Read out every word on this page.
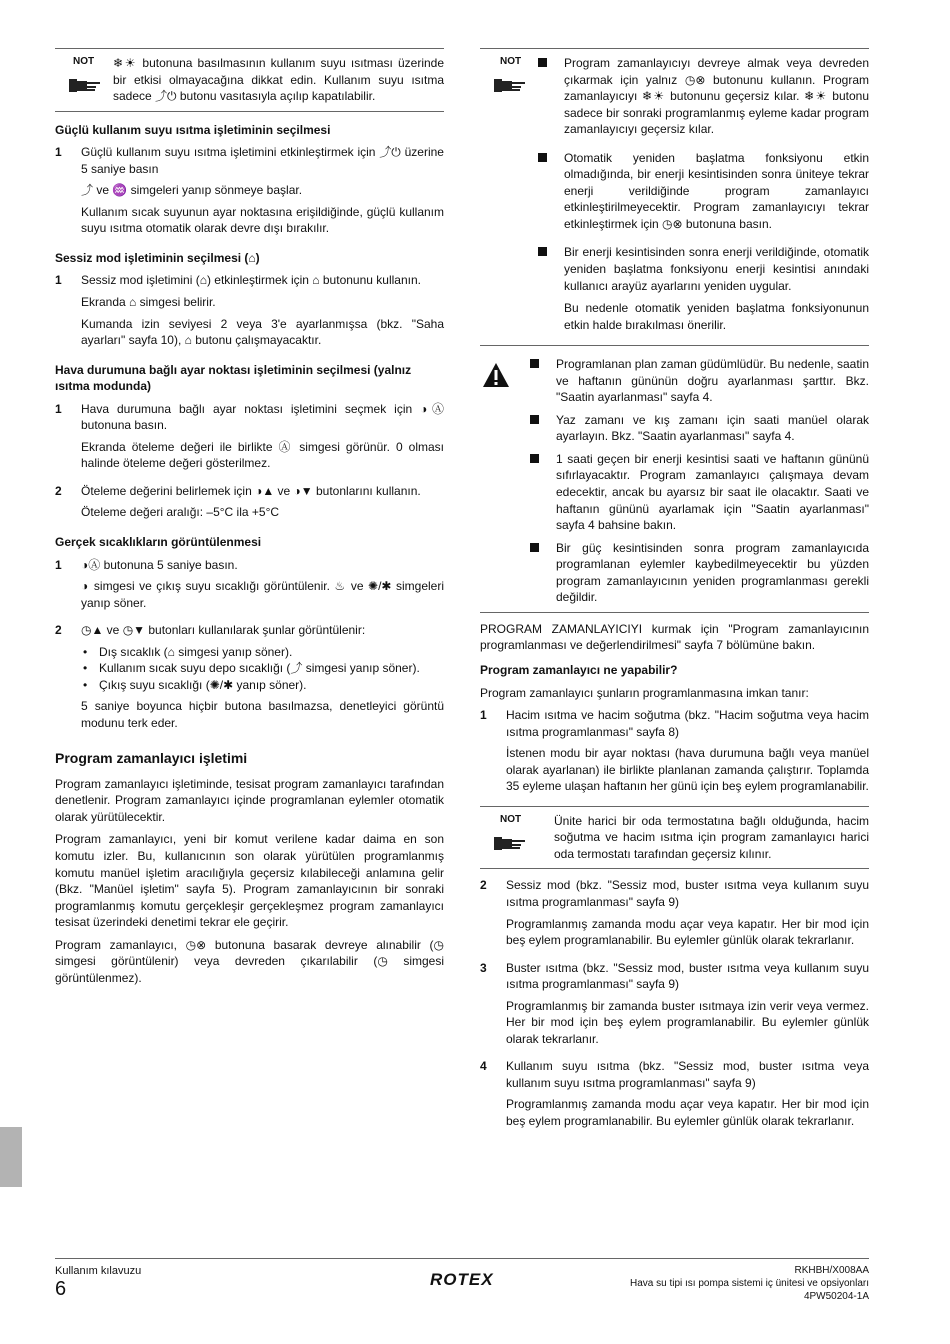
NOT	❄☀ butonuna basılmasının kullanım suyu ısıtması üzerinde bir etkisi olmayacağına dikkat edin. Kullanım suyu ısıtma sadece ⤴⏻ butonu vasıtasıyla açılıp kapatılabilir.
Güçlü kullanım suyu ısıtma işletiminin seçilmesi
1	Güçlü kullanım suyu ısıtma işletimini etkinleştirmek için ⤴⏻ üzerine 5 saniye basın

⤴ ve ♒ simgeleri yanıp sönmeye başlar.

Kullanım sıcak suyunun ayar noktasına erişildiğinde, güçlü kullanım suyu ısıtma otomatik olarak devre dışı bırakılır.

Sessiz mod işletiminin seçilmesi (⌂)
1	Sessiz mod işletimini (⌂) etkinleştirmek için ⌂ butonunu kullanın.

Ekranda ⌂ simgesi belirir.

Kumanda izin seviyesi 2 veya 3'e ayarlanmışsa (bkz. "Saha ayarları" sayfa 10), ⌂ butonu çalışmayacaktır.

Hava durumuna bağlı ayar noktası işletiminin seçilmesi (yalnız ısıtma modunda)
1	Hava durumuna bağlı ayar noktası işletimini seçmek için ◑Ⓐ butonuna basın.

Ekranda öteleme değeri ile birlikte Ⓐ simgesi görünür. 0 olması halinde öteleme değeri gösterilmez.

2	Öteleme değerini belirlemek için ◑▲ ve ◑▼ butonlarını kullanın.

Öteleme değeri aralığı: –5°C ila +5°C

Gerçek sıcaklıkların görüntülenmesi
1	◑Ⓐ butonuna 5 saniye basın.

◑ simgesi ve çıkış suyu sıcaklığı görüntülenir. ♨ ve ✺/✱ simgeleri yanıp söner.

2	◷▲ ve ◷▼ butonları kullanılarak şunlar görüntülenir:

• Dış sıcaklık (⌂ simgesi yanıp söner).
• Kullanım sıcak suyu depo sıcaklığı (⤴ simgesi yanıp söner).
• Çıkış suyu sıcaklığı (✺/✱ yanıp söner).

5 saniye boyunca hiçbir butona basılmazsa, denetleyici görüntü modunu terk eder.

Program zamanlayıcı işletimi

Program zamanlayıcı işletiminde, tesisat program zamanlayıcı tarafından denetlenir. Program zamanlayıcı içinde programlanan eylemler otomatik olarak yürütülecektir.

Program zamanlayıcı, yeni bir komut verilene kadar daima en son komutu izler. Bu, kullanıcının son olarak yürütülen programlanmış komutu manüel işletim aracılığıyla geçersiz kılabileceği anlamına gelir (Bkz. "Manüel işletim" sayfa 5). Program zamanlayıcının bir sonraki programlanmış komutu gerçekleşir gerçekleşmez program zamanlayıcı tesisat üzerindeki denetimi tekrar ele geçirir.

Program zamanlayıcı, ◷⊗ butonuna basarak devreye alınabilir (◷ simgesi görüntülenir) veya devreden çıkarılabilir (◷ simgesi görüntülenmez).

NOT	Program zamanlayıcıyı devreye almak veya devreden çıkarmak için yalnız ◷⊗ butonunu kullanın. Program zamanlayıcıyı ❄☀ butonunu geçersiz kılar. ❄☀ butonu sadece bir sonraki programlanmış eyleme kadar program zamanlayıcıyı geçersiz kılar.

Otomatik yeniden başlatma fonksiyonu etkin olmadığında, bir enerji kesintisinden sonra üniteye tekrar enerji verildiğinde program zamanlayıcı etkinleştirilmeyecektir. Program zamanlayıcıyı tekrar etkinleştirmek için ◷⊗ butonuna basın.

Bir enerji kesintisinden sonra enerji verildiğinde, otomatik yeniden başlatma fonksiyonu enerji kesintisi anındaki kullanıcı arayüz ayarlarını yeniden uygular.

Bu nedenle otomatik yeniden başlatma fonksiyonunun etkin halde bırakılması önerilir.

Programlanan plan zaman güdümlüdür. Bu nedenle, saatin ve haftanın gününün doğru ayarlanması şarttır. Bkz. "Saatin ayarlanması" sayfa 4.
Yaz zamanı ve kış zamanı için saati manüel olarak ayarlayın. Bkz. "Saatin ayarlanması" sayfa 4.
1 saati geçen bir enerji kesintisi saati ve haftanın gününü sıfırlayacaktır. Program zamanlayıcı çalışmaya devam edecektir, ancak bu ayarsız bir saat ile olacaktır. Saati ve haftanın gününü ayarlamak için "Saatin ayarlanması" sayfa 4 bahsine bakın.
Bir güç kesintisinden sonra program zamanlayıcıda programlanan eylemler kaybedilmeyecektir bu yüzden program zamanlayıcının yeniden programlanması gerekli değildir.

PROGRAM ZAMANLAYICIYI kurmak için "Program zamanlayıcının programlanması ve değerlendirilmesi" sayfa 7 bölümüne bakın.

Program zamanlayıcı ne yapabilir?

Program zamanlayıcı şunların programlanmasına imkan tanır:

1	Hacim ısıtma ve hacim soğutma (bkz. "Hacim soğutma veya hacim ısıtma programlanması" sayfa 8)

İstenen modu bir ayar noktası (hava durumuna bağlı veya manüel olarak ayarlanan) ile birlikte planlanan zamanda çalıştırır. Toplamda 35 eyleme ulaşan haftanın her günü için beş eylem programlanabilir.

NOT	Ünite harici bir oda termostatına bağlı olduğunda, hacim soğutma ve hacim ısıtma için program zamanlayıcı harici oda termostatı tarafından geçersiz kılınır.
2	Sessiz mod (bkz. "Sessiz mod, buster ısıtma veya kullanım suyu ısıtma programlanması" sayfa 9)

Programlanmış zamanda modu açar veya kapatır. Her bir mod için beş eylem programlanabilir. Bu eylemler günlük olarak tekrarlanır.

3	Buster ısıtma (bkz. "Sessiz mod, buster ısıtma veya kullanım suyu ısıtma programlanması" sayfa 9)

Programlanmış bir zamanda buster ısıtmaya izin verir veya vermez. Her bir mod için beş eylem programlanabilir. Bu eylemler günlük olarak tekrarlanır.

4	Kullanım suyu ısıtma (bkz. "Sessiz mod, buster ısıtma veya kullanım suyu ısıtma programlanması" sayfa 9)

Programlanmış zamanda modu açar veya kapatır. Her bir mod için beş eylem programlanabilir. Bu eylemler günlük olarak tekrarlanır.

Kullanım kılavuzu
6	ROTEX	RKHBH/X008AA
Hava su tipi ısı pompa sistemi iç ünitesi ve opsiyonları
4PW50204-1A
